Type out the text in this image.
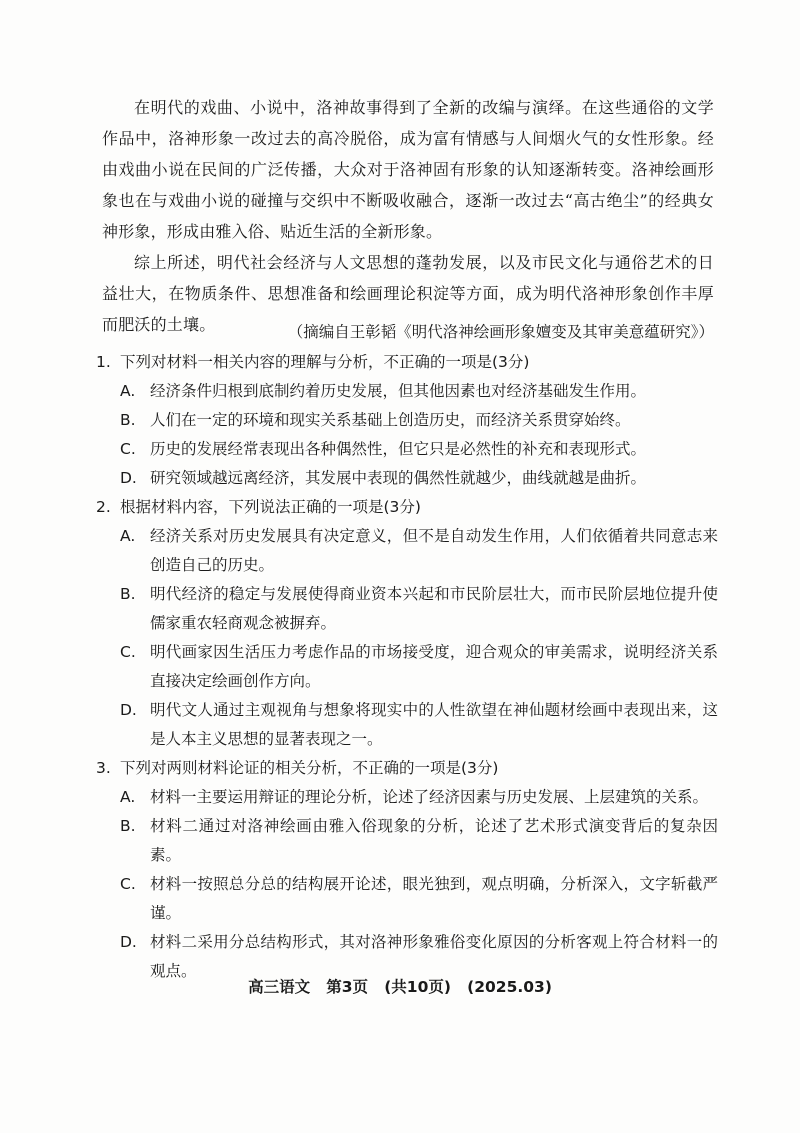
在明代的戏曲、小说中，洛神故事得到了全新的改编与演绎。在这些通俗的文学作品中，洛神形象一改过去的高冷脱俗，成为富有情感与人间烟火气的女性形象。经由戏曲小说在民间的广泛传播，大众对于洛神固有形象的认知逐渐转变。洛神绘画形象也在与戏曲小说的碰撞与交织中不断吸收融合，逐渐一改过去“高古绝尘”的经典女神形象，形成由雅入俗、贴近生活的全新形象。

综上所述，明代社会经济与人文思想的蓬勃发展，以及市民文化与通俗艺术的日益壮大，在物质条件、思想准备和绘画理论积淀等方面，成为明代洛神形象创作丰厚而肥沃的土壤。	（摘编自王彰韬《明代洛神绘画形象嬗变及其审美意蕴研究》）
1. 下列对材料一相关内容的理解与分析，不正确的一项是(3分)
A. 经济条件归根到底制约着历史发展，但其他因素也对经济基础发生作用。
B. 人们在一定的环境和现实关系基础上创造历史，而经济关系贯穿始终。
C. 历史的发展经常表现出各种偶然性，但它只是必然性的补充和表现形式。
D. 研究领域越远离经济，其发展中表现的偶然性就越少，曲线就越是曲折。
2. 根据材料内容，下列说法正确的一项是(3分)
A. 经济关系对历史发展具有决定意义，但不是自动发生作用，人们依循着共同意志来创造自己的历史。
B. 明代经济的稳定与发展使得商业资本兴起和市民阶层壮大，而市民阶层地位提升使儒家重农轻商观念被摒弃。
C. 明代画家因生活压力考虑作品的市场接受度，迎合观众的审美需求，说明经济关系直接决定绘画创作方向。
D. 明代文人通过主观视角与想象将现实中的人性欲望在神仙题材绘画中表现出来，这是人本主义思想的显著表现之一。
3. 下列对两则材料论证的相关分析，不正确的一项是(3分)
A. 材料一主要运用辩证的理论分析，论述了经济因素与历史发展、上层建筑的关系。
B. 材料二通过对洛神绘画由雅入俗现象的分析，论述了艺术形式演变背后的复杂因素。
C. 材料一按照总分总的结构展开论述，眼光独到，观点明确，分析深入，文字斩截严谨。
D. 材料二采用分总结构形式，其对洛神形象雅俗变化原因的分析客观上符合材料一的观点。
高三语文   第3页   (共10页)   (2025.03)
